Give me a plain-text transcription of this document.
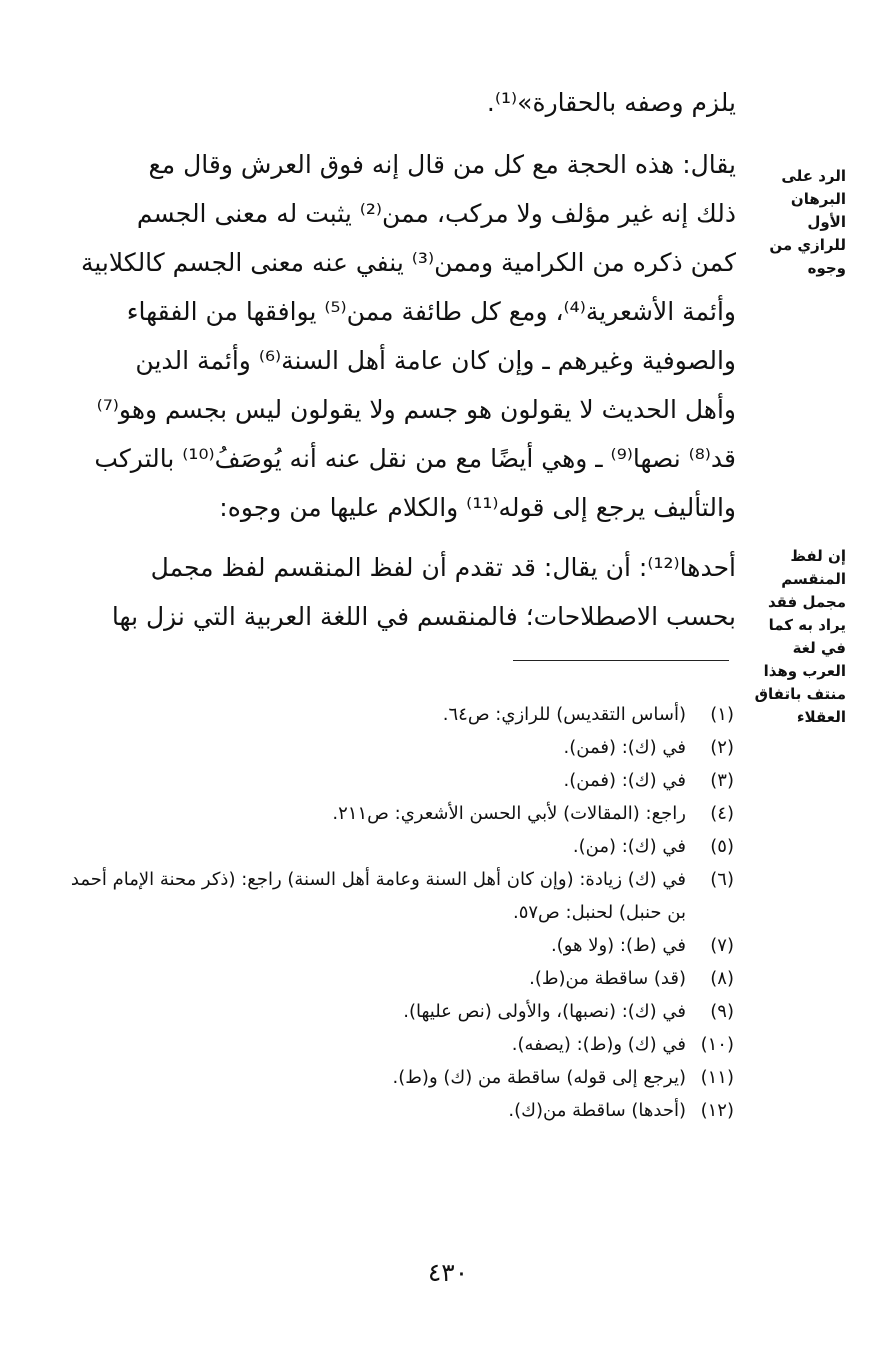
يلزم وصفه بالحقارة»⁽¹⁾.
يقال: هذه الحجة مع كل من قال إنه فوق العرش وقال مع
ذلك إنه غير مؤلف ولا مركب، ممن⁽²⁾ يثبت له معنى الجسم
كمن ذكره من الكرامية وممن⁽³⁾ ينفي عنه معنى الجسم كالكلابية
وأئمة الأشعرية⁽⁴⁾، ومع كل طائفة ممن⁽⁵⁾ يوافقها من الفقهاء
والصوفية وغيرهم ـ وإن كان عامة أهل السنة⁽⁶⁾ وأئمة الدين
وأهل الحديث لا يقولون هو جسم ولا يقولون ليس بجسم وهو⁽⁷⁾
قد⁽⁸⁾ نصها⁽⁹⁾ ـ وهي أيضًا مع من نقل عنه أنه يُوصَفُ⁽¹⁰⁾ بالتركب
والتأليف يرجع إلى قوله⁽¹¹⁾ والكلام عليها من وجوه:
أحدها⁽¹²⁾: أن يقال: قد تقدم أن لفظ المنقسم لفظ مجمل
بحسب الاصطلاحات؛ فالمنقسم في اللغة العربية التي نزل بها
الرد على
البرهان الأول
للرازي من
وجوه
إن لفظ
المنقسم
مجمل فقد
يراد به كما
في لغة
العرب وهذا
منتف باتفاق
العقلاء
(١)
(أساس التقديس) للرازي: ص٦٤.
(٢)
في (ك): (فمن).
(٣)
في (ك): (فمن).
(٤)
راجع: (المقالات) لأبي الحسن الأشعري: ص٢١١.
(٥)
في (ك): (من).
(٦)
في (ك) زيادة: (وإن كان أهل السنة وعامة أهل السنة) راجع: (ذكر محنة الإمام أحمد بن حنبل) لحنبل: ص٥٧.
(٧)
في (ط): (ولا هو).
(٨)
(قد) ساقطة من(ط).
(٩)
في (ك): (نصبها)، والأولى (نص عليها).
(١٠)
في (ك) و(ط): (يصفه).
(١١)
(يرجع إلى قوله) ساقطة من (ك) و(ط).
(١٢)
(أحدها) ساقطة من(ك).
٤٣٠
